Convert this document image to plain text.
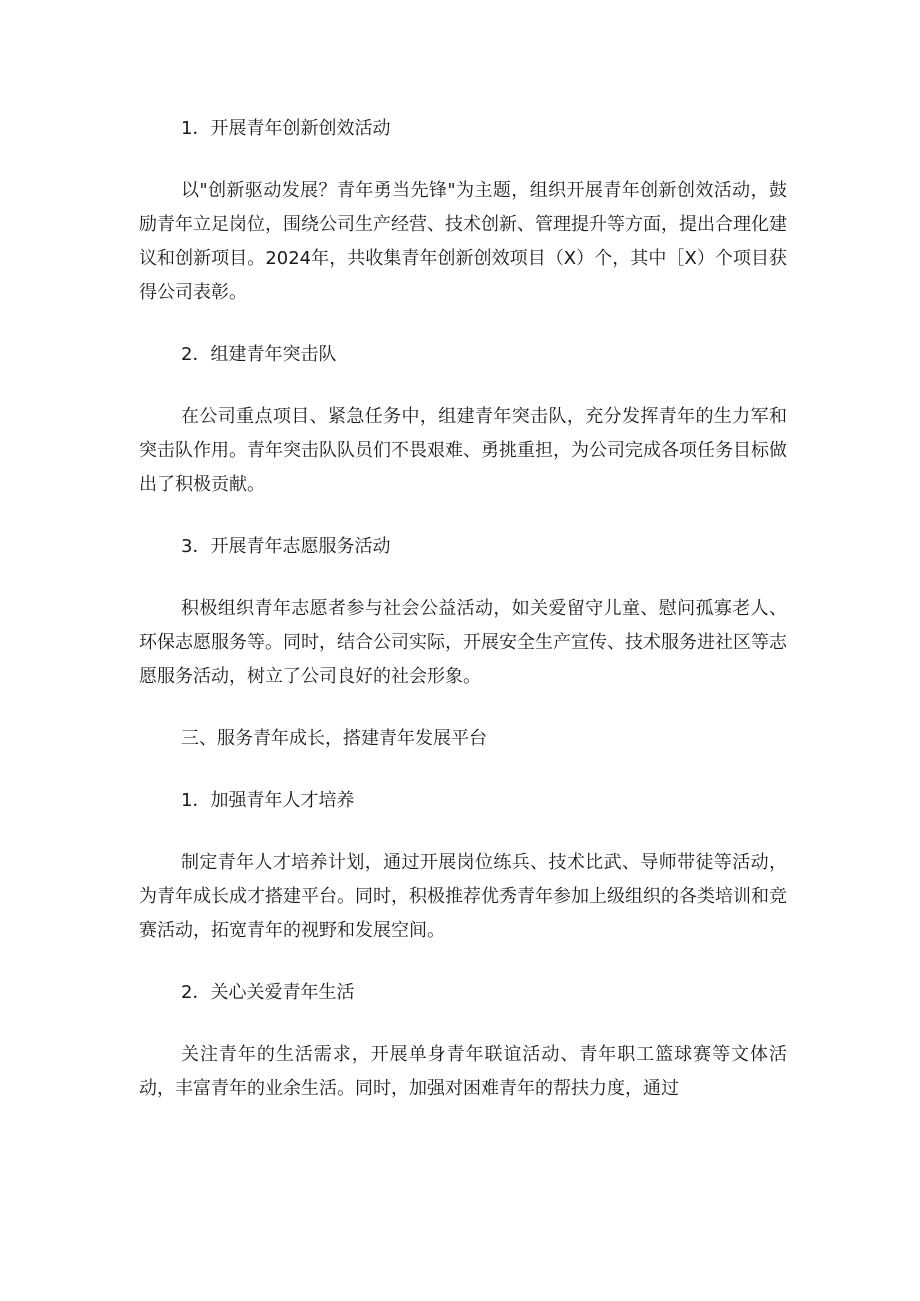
1．开展青年创新创效活动

以"创新驱动发展？青年勇当先锋"为主题，组织开展青年创新创效活动，鼓励青年立足岗位，围绕公司生产经营、技术创新、管理提升等方面，提出合理化建议和创新项目。2024年，共收集青年创新创效项目（X）个，其中［X）个项目获得公司表彰。

2．组建青年突击队

在公司重点项目、紧急任务中，组建青年突击队，充分发挥青年的生力军和突击队作用。青年突击队队员们不畏艰难、勇挑重担，为公司完成各项任务目标做出了积极贡献。

3．开展青年志愿服务活动

积极组织青年志愿者参与社会公益活动，如关爱留守儿童、慰问孤寡老人、环保志愿服务等。同时，结合公司实际，开展安全生产宣传、技术服务进社区等志愿服务活动，树立了公司良好的社会形象。

三、服务青年成长，搭建青年发展平台

1．加强青年人才培养

制定青年人才培养计划，通过开展岗位练兵、技术比武、导师带徒等活动，为青年成长成才搭建平台。同时，积极推荐优秀青年参加上级组织的各类培训和竞赛活动，拓宽青年的视野和发展空间。

2．关心关爱青年生活

关注青年的生活需求，开展单身青年联谊活动、青年职工篮球赛等文体活动，丰富青年的业余生活。同时，加强对困难青年的帮扶力度，通过
